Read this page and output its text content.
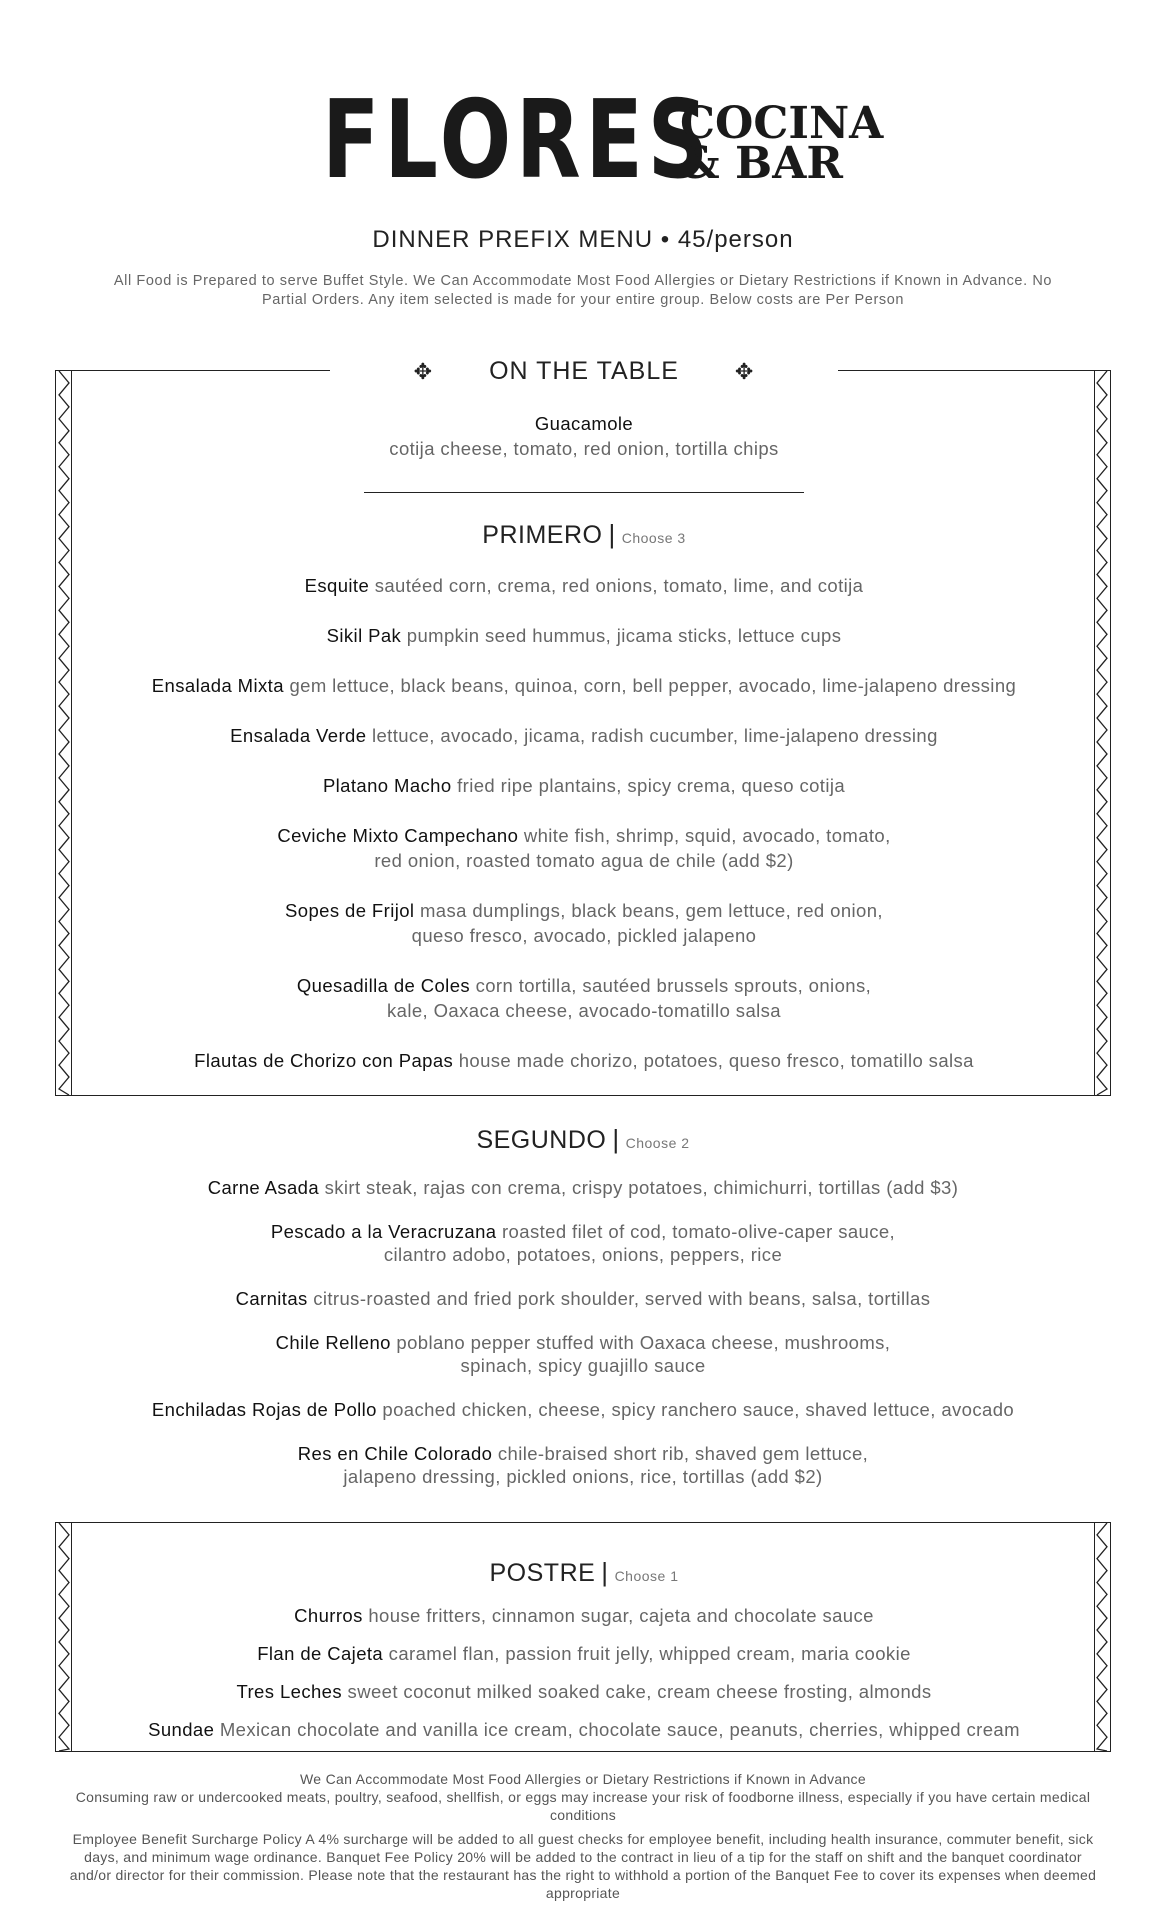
FLORES
COCINA
& BAR
DINNER PREFIX MENU • 45/person
All Food is Prepared to serve Buffet Style. We Can Accommodate Most Food Allergies or Dietary Restrictions if Known in Advance. No Partial Orders. Any item selected is made for your entire group. Below costs are Per Person
✥ ON THE TABLE	✥
Guacamole
cotija cheese, tomato, red onion, tortilla chips
PRIMERO | Choose 3
Esquite sautéed corn, crema, red onions, tomato, lime, and cotija
Sikil Pak pumpkin seed hummus, jicama sticks, lettuce cups
Ensalada Mixta gem lettuce, black beans, quinoa, corn, bell pepper, avocado, lime-jalapeno dressing
Ensalada Verde lettuce, avocado, jicama, radish cucumber, lime-jalapeno dressing
Platano Macho fried ripe plantains, spicy crema, queso cotija
Ceviche Mixto Campechano white fish, shrimp, squid, avocado, tomato,
red onion, roasted tomato agua de chile (add $2)
Sopes de Frijol masa dumplings, black beans, gem lettuce, red onion,
queso fresco, avocado, pickled jalapeno
Quesadilla de Coles corn tortilla, sautéed brussels sprouts, onions,
kale, Oaxaca cheese, avocado-tomatillo salsa
Flautas de Chorizo con Papas house made chorizo, potatoes, queso fresco, tomatillo salsa
SEGUNDO | Choose 2
Carne Asada skirt steak, rajas con crema, crispy potatoes, chimichurri, tortillas (add $3)
Pescado a la Veracruzana roasted filet of cod, tomato-olive-caper sauce,
cilantro adobo, potatoes, onions, peppers, rice
Carnitas citrus-roasted and fried pork shoulder, served with beans, salsa, tortillas
Chile Relleno poblano pepper stuffed with Oaxaca cheese, mushrooms,
spinach, spicy guajillo sauce
Enchiladas Rojas de Pollo poached chicken, cheese, spicy ranchero sauce, shaved lettuce, avocado
Res en Chile Colorado chile-braised short rib, shaved gem lettuce,
jalapeno dressing, pickled onions, rice, tortillas (add $2)
POSTRE | Choose 1
Churros house fritters, cinnamon sugar, cajeta and chocolate sauce
Flan de Cajeta caramel flan, passion fruit jelly, whipped cream, maria cookie
Tres Leches sweet coconut milked soaked cake, cream cheese frosting, almonds
Sundae Mexican chocolate and vanilla ice cream, chocolate sauce, peanuts, cherries, whipped cream
We Can Accommodate Most Food Allergies or Dietary Restrictions if Known in Advance
Consuming raw or undercooked meats, poultry, seafood, shellfish, or eggs may increase your risk of foodborne illness, especially if you have certain medical conditions
Employee Benefit Surcharge Policy A 4% surcharge will be added to all guest checks for employee benefit, including health insurance, commuter benefit, sick days, and minimum wage ordinance. Banquet Fee Policy 20% will be added to the contract in lieu of a tip for the staff on shift and the banquet coordinator and/or director for their commission. Please note that the restaurant has the right to withhold a portion of the Banquet Fee to cover its expenses when deemed appropriate
